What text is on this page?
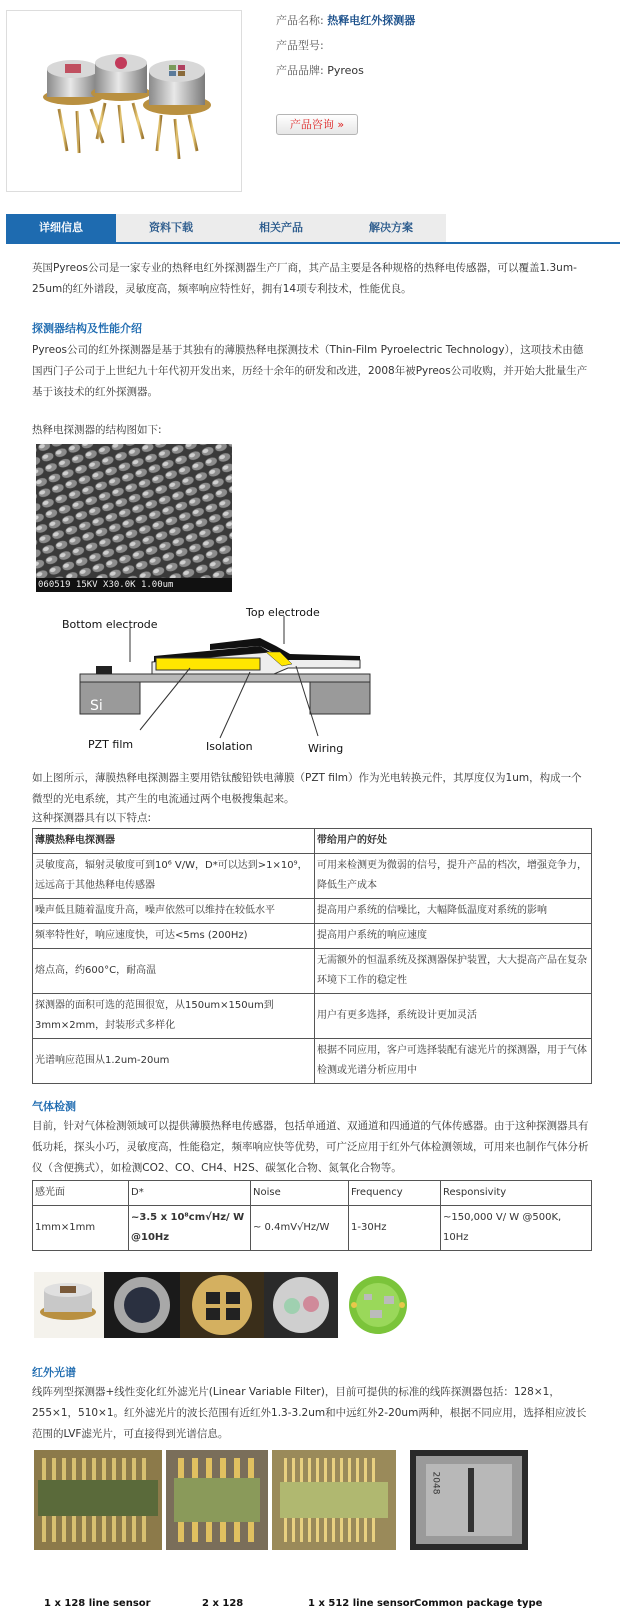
产品名称: 热释电红外探测器
产品型号:
产品品牌: Pyreos
产品咨询 »
详细信息	资料下载	相关产品	解决方案
英国Pyreos公司是一家专业的热释电红外探测器生产厂商，其产品主要是各种规格的热释电传感器，可以覆盖1.3um-25um的红外谱段，灵敏度高，频率响应特性好，拥有14项专利技术，性能优良。
探测器结构及性能介绍
Pyreos公司的红外探测器是基于其独有的薄膜热释电探测技术（Thin-Film Pyroelectric Technology），这项技术由德国西门子公司于上世纪九十年代初开发出来，历经十余年的研发和改进，2008年被Pyreos公司收购，并开始大批量生产基于该技术的红外探测器。
热释电探测器的结构图如下:
060519 15KV X30.0K 1.00um
Si
Bottom electrode
Top electrode
PZT film	Isolation	Wiring
如上图所示，薄膜热释电探测器主要用锆钛酸铅铁电薄膜（PZT film）作为光电转换元件，其厚度仅为1um，构成一个微型的光电系统，其产生的电流通过两个电极搜集起来。
这种探测器具有以下特点:
薄膜热释电探测器	带给用户的好处
灵敏度高，辐射灵敏度可到10⁶ V/W，D*可以达到>1×10⁹，远远高于其他热释电传感器	可用来检测更为微弱的信号，提升产品的档次，增强竞争力，降低生产成本
噪声低且随着温度升高，噪声依然可以维持在较低水平	提高用户系统的信噪比，大幅降低温度对系统的影响
频率特性好，响应速度快，可达<5ms (200Hz)	提高用户系统的响应速度
熔点高，约600°C，耐高温	无需额外的恒温系统及探测器保护装置，大大提高产品在复杂环境下工作的稳定性
探测器的面积可选的范围很宽，从150um×150um到3mm×2mm，封装形式多样化	用户有更多选择，系统设计更加灵活
光谱响应范围从1.2um-20um	根据不同应用，客户可选择装配有滤光片的探测器，用于气体检测或光谱分析应用中
气体检测
目前，针对气体检测领域可以提供薄膜热释电传感器，包括单通道、双通道和四通道的气体传感器。由于这种探测器具有低功耗，探头小巧，灵敏度高，性能稳定，频率响应快等优势，可广泛应用于红外气体检测领域，可用来也制作气体分析仪（含便携式），如检测CO2、CO、CH4、H2S、碳氢化合物、氮氧化合物等。
感光面	D*	Noise	Frequency	Responsivity
1mm×1mm	~3.5 x 10⁸cm√Hz/ W @10Hz	~ 0.4mV√Hz/W	1-30Hz	~150,000 V/ W @500K, 10Hz
红外光谱
线阵列型探测器+线性变化红外滤光片(Linear Variable Filter)，目前可提供的标准的线阵探测器包括：128×1，255×1，510×1。红外滤光片的波长范围有近红外1.3-3.2um和中远红外2-20um两种，根据不同应用，选择相应波长范围的LVF滤光片，可直接得到光谱信息。
2048
1 x 128 line sensor	2 x 128	1 x 512 line sensor Common package type
